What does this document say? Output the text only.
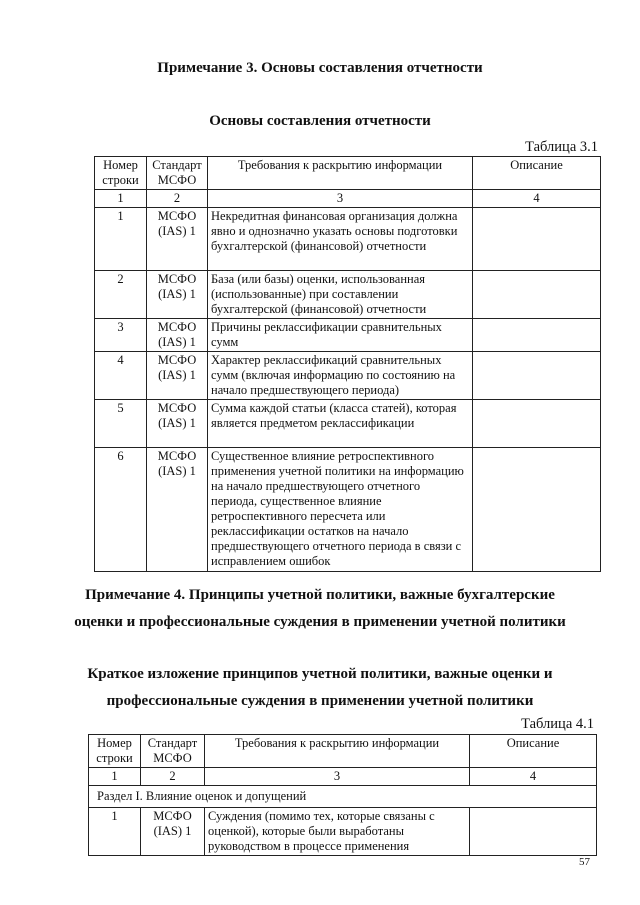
Примечание 3. Основы составления отчетности
Основы составления отчетности
Таблица 3.1
Номер строки	Стандарт МСФО	Требования к раскрытию информации	Описание
1	2	3	4
1	МСФО (IAS) 1	Некредитная финансовая организация должна явно и однозначно указать основы подготовки бухгалтерской (финансовой) отчетности	
2	МСФО (IAS) 1	База (или базы) оценки, использованная (использованные) при составлении бухгалтерской (финансовой) отчетности	
3	МСФО (IAS) 1	Причины реклассификации сравнительных сумм	
4	МСФО (IAS) 1	Характер реклассификаций сравнительных сумм (включая информацию по состоянию на начало предшествующего периода)	
5	МСФО (IAS) 1	Сумма каждой статьи (класса статей), которая является предметом реклассификации	
6	МСФО (IAS) 1	Существенное влияние ретроспективного применения учетной политики на информацию на начало предшествующего отчетного периода, существенное влияние ретроспективного пересчета или реклассификации остатков на начало предшествующего отчетного периода в связи с исправлением ошибок	
Примечание 4. Принципы учетной политики, важные бухгалтерские
оценки и профессиональные суждения в применении учетной политики
Краткое изложение принципов учетной политики, важные оценки и
профессиональные суждения в применении учетной политики
Таблица 4.1
Номер строки	Стандарт МСФО	Требования к раскрытию информации	Описание
1	2	3	4
Раздел I. Влияние оценок и допущений			
1	МСФО (IAS) 1	Суждения (помимо тех, которые связаны с оценкой), которые были выработаны руководством в процессе применения	
57
